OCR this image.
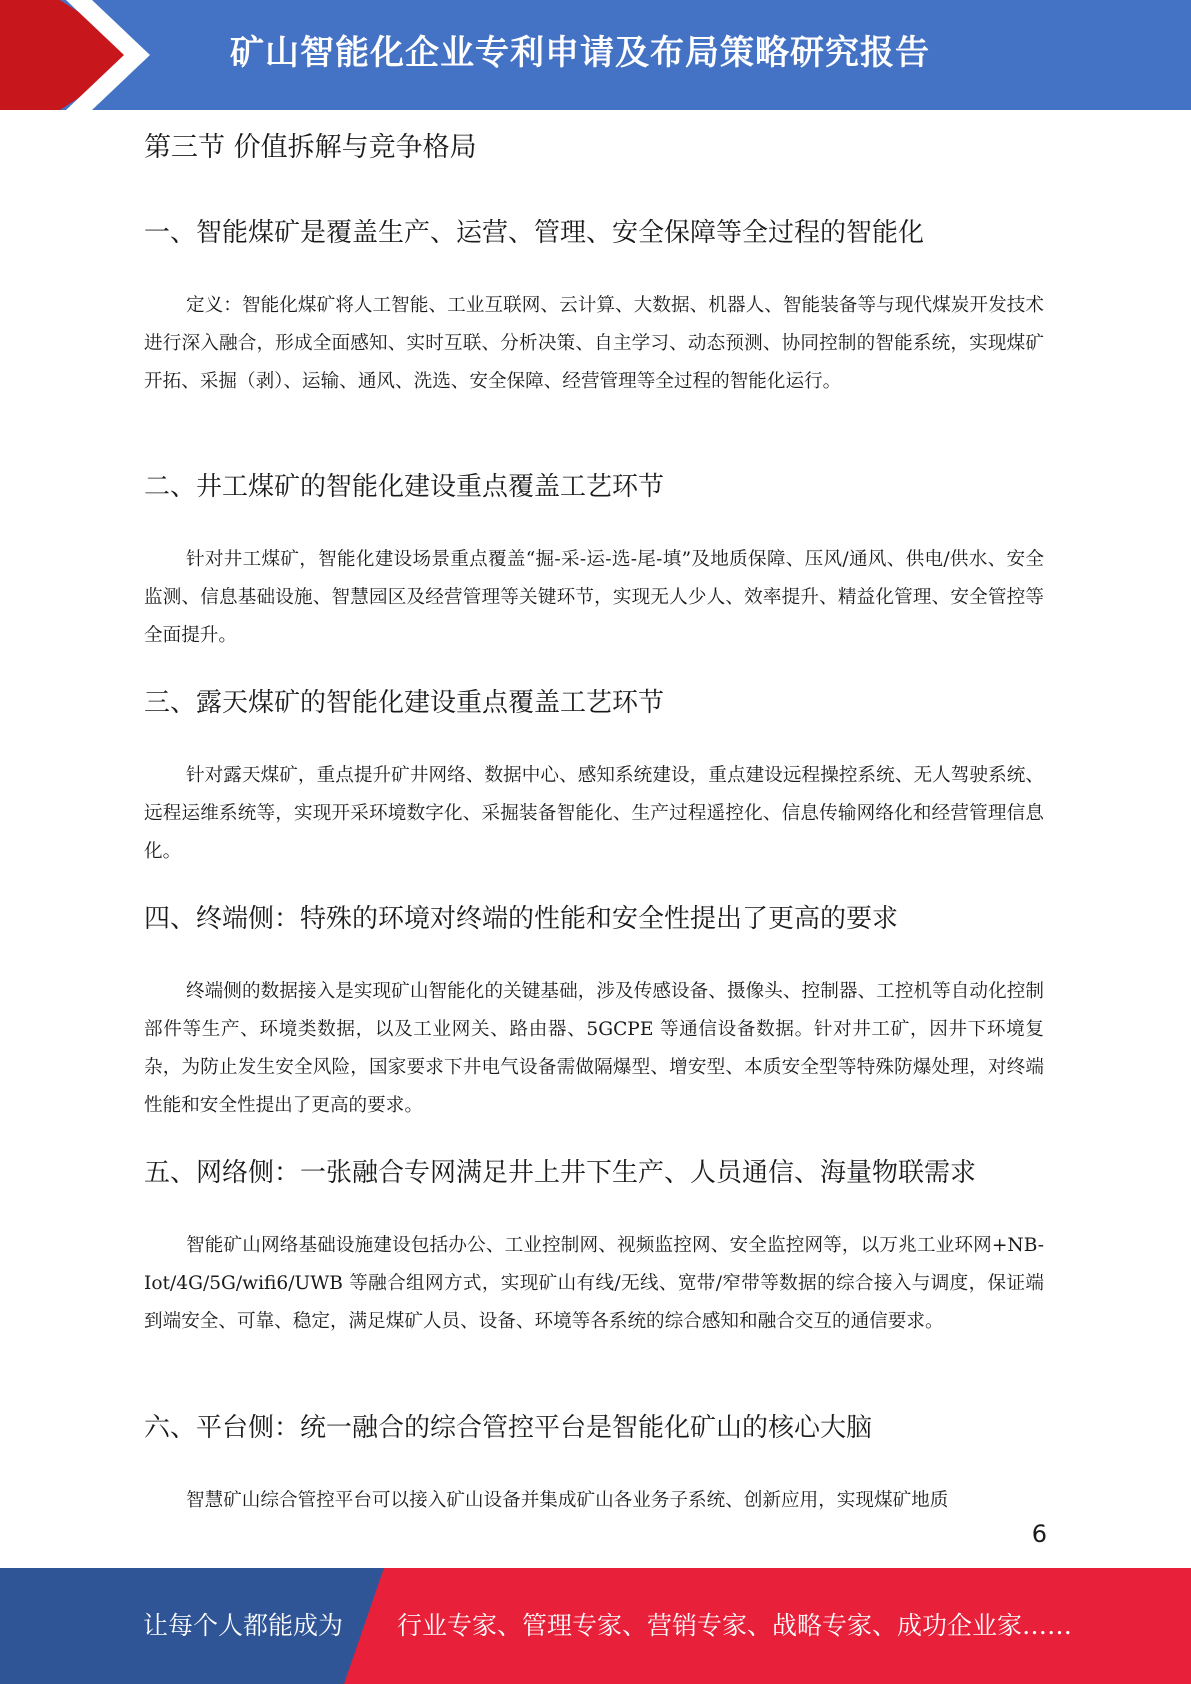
矿山智能化企业专利申请及布局策略研究报告
第三节 价值拆解与竞争格局
一、智能煤矿是覆盖生产、运营、管理、安全保障等全过程的智能化

定义：智能化煤矿将人工智能、工业互联网、云计算、大数据、机器人、智能装备等与现代煤炭开发技术进行深入融合，形成全面感知、实时互联、分析决策、自主学习、动态预测、协同控制的智能系统，实现煤矿开拓、采掘（剥）、运输、通风、洗选、安全保障、经营管理等全过程的智能化运行。

二、井工煤矿的智能化建设重点覆盖工艺环节

针对井工煤矿，智能化建设场景重点覆盖“掘-采-运-选-尾-填”及地质保障、压风/通风、供电/供水、安全监测、信息基础设施、智慧园区及经营管理等关键环节，实现无人少人、效率提升、精益化管理、安全管控等全面提升。

三、露天煤矿的智能化建设重点覆盖工艺环节

针对露天煤矿，重点提升矿井网络、数据中心、感知系统建设，重点建设远程操控系统、无人驾驶系统、远程运维系统等，实现开采环境数字化、采掘装备智能化、生产过程遥控化、信息传输网络化和经营管理信息化。

四、终端侧：特殊的环境对终端的性能和安全性提出了更高的要求

终端侧的数据接入是实现矿山智能化的关键基础，涉及传感设备、摄像头、控制器、工控机等自动化控制部件等生产、环境类数据，以及工业网关、路由器、5GCPE 等通信设备数据。针对井工矿，因井下环境复杂，为防止发生安全风险，国家要求下井电气设备需做隔爆型、增安型、本质安全型等特殊防爆处理，对终端性能和安全性提出了更高的要求。

五、网络侧：一张融合专网满足井上井下生产、人员通信、海量物联需求

智能矿山网络基础设施建设包括办公、工业控制网、视频监控网、安全监控网等，以万兆工业环网+NB-Iot/4G/5G/wifi6/UWB 等融合组网方式，实现矿山有线/无线、宽带/窄带等数据的综合接入与调度，保证端到端安全、可靠、稳定，满足煤矿人员、设备、环境等各系统的综合感知和融合交互的通信要求。

六、平台侧：统一融合的综合管控平台是智能化矿山的核心大脑

智慧矿山综合管控平台可以接入矿山设备并集成矿山各业务子系统、创新应用，实现煤矿地质

6
让每个人都能成为 行业专家、管理专家、营销专家、战略专家、成功企业家……
